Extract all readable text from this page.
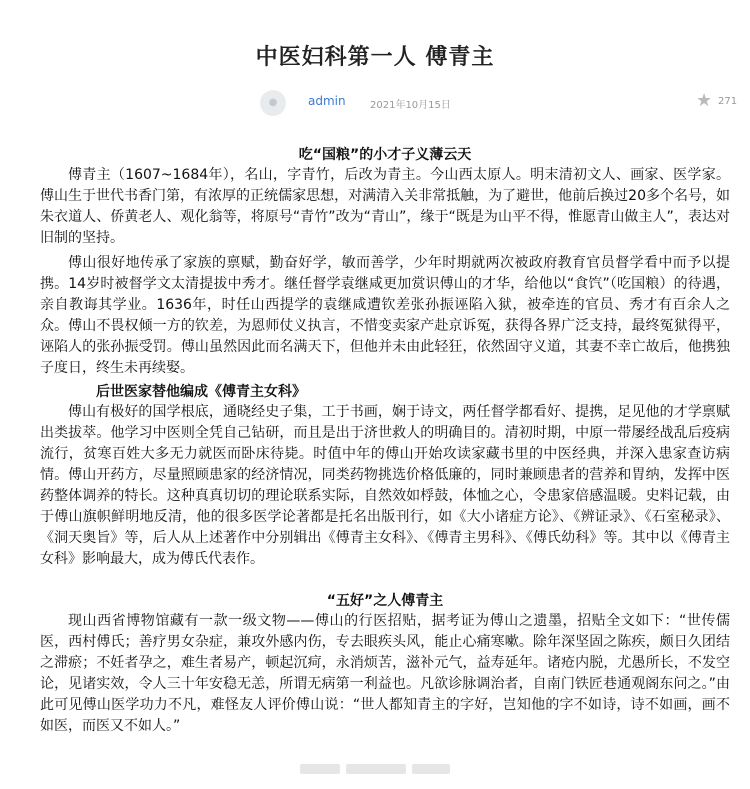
中医妇科第一人 傅青主
●	admin 2021年10月15日	★ 271
吃“国粮”的小才子义薄云天

傅青主（1607~1684年），名山，字青竹，后改为青主。今山西太原人。明末清初文人、画家、医学家。傅山生于世代书香门第，有浓厚的正统儒家思想，对满清入关非常抵触，为了避世，他前后换过20多个名号，如朱衣道人、侨黄老人、观化翁等，将原号“青竹”改为“青山”，缘于“既是为山平不得，惟愿青山做主人”，表达对旧制的坚持。

傅山很好地传承了家族的禀赋，勤奋好学，敏而善学，少年时期就两次被政府教育官员督学看中而予以提携。14岁时被督学文太清提拔中秀才。继任督学袁继咸更加赏识傅山的才华，给他以“食饩”（吃国粮）的待遇，亲自教诲其学业。1636年，时任山西提学的袁继咸遭钦差张孙振诬陷入狱，被牵连的官员、秀才有百余人之众。傅山不畏权倾一方的钦差，为恩师仗义执言，不惜变卖家产赴京诉冤，获得各界广泛支持，最终冤狱得平，诬陷人的张孙振受罚。傅山虽然因此而名满天下，但他并未由此轻狂，依然固守义道，其妻不幸亡故后，他携独子度日，终生未再续娶。

后世医家替他编成《傅青主女科》

傅山有极好的国学根底，通晓经史子集，工于书画，娴于诗文，两任督学都看好、提携，足见他的才学禀赋出类拔萃。他学习中医则全凭自己钻研，而且是出于济世救人的明确目的。清初时期，中原一带屡经战乱后疫病流行，贫寒百姓大多无力就医而卧床待毙。时值中年的傅山开始攻读家藏书里的中医经典，并深入患家查访病情。傅山开药方，尽量照顾患家的经济情况，同类药物挑选价格低廉的，同时兼顾患者的营养和胃纳，发挥中医药整体调养的特长。这种真真切切的理论联系实际，自然效如桴鼓，体恤之心，令患家倍感温暖。史料记载，由于傅山旗帜鲜明地反清，他的很多医学论著都是托名出版刊行，如《大小诸症方论》、《辨证录》、《石室秘录》、《洞天奥旨》等，后人从上述著作中分别辑出《傅青主女科》、《傅青主男科》、《傅氏幼科》等。其中以《傅青主女科》影响最大，成为傅氏代表作。

“五好”之人傅青主

现山西省博物馆藏有一款一级文物——傅山的行医招贴，据考证为傅山之遗墨，招贴全文如下：“世传儒医，西村傅氏；善疗男女杂症，兼攻外感内伤，专去眼疾头风，能止心痛寒嗽。除年深坚固之陈疾，颇日久团结之滞瘀；不妊者孕之，难生者易产，顿起沉疴，永消烦苦，滋补元气，益寿延年。诸疮内脱，尤愚所长，不发空论，见诸实效，令人三十年安稳无恙，所谓无病第一利益也。凡欲诊脉调治者，自南门铁匠巷通观阁东问之。”由此可见傅山医学功力不凡，难怪友人评价傅山说：“世人都知青主的字好，岂知他的字不如诗，诗不如画，画不如医，而医又不如人。”
